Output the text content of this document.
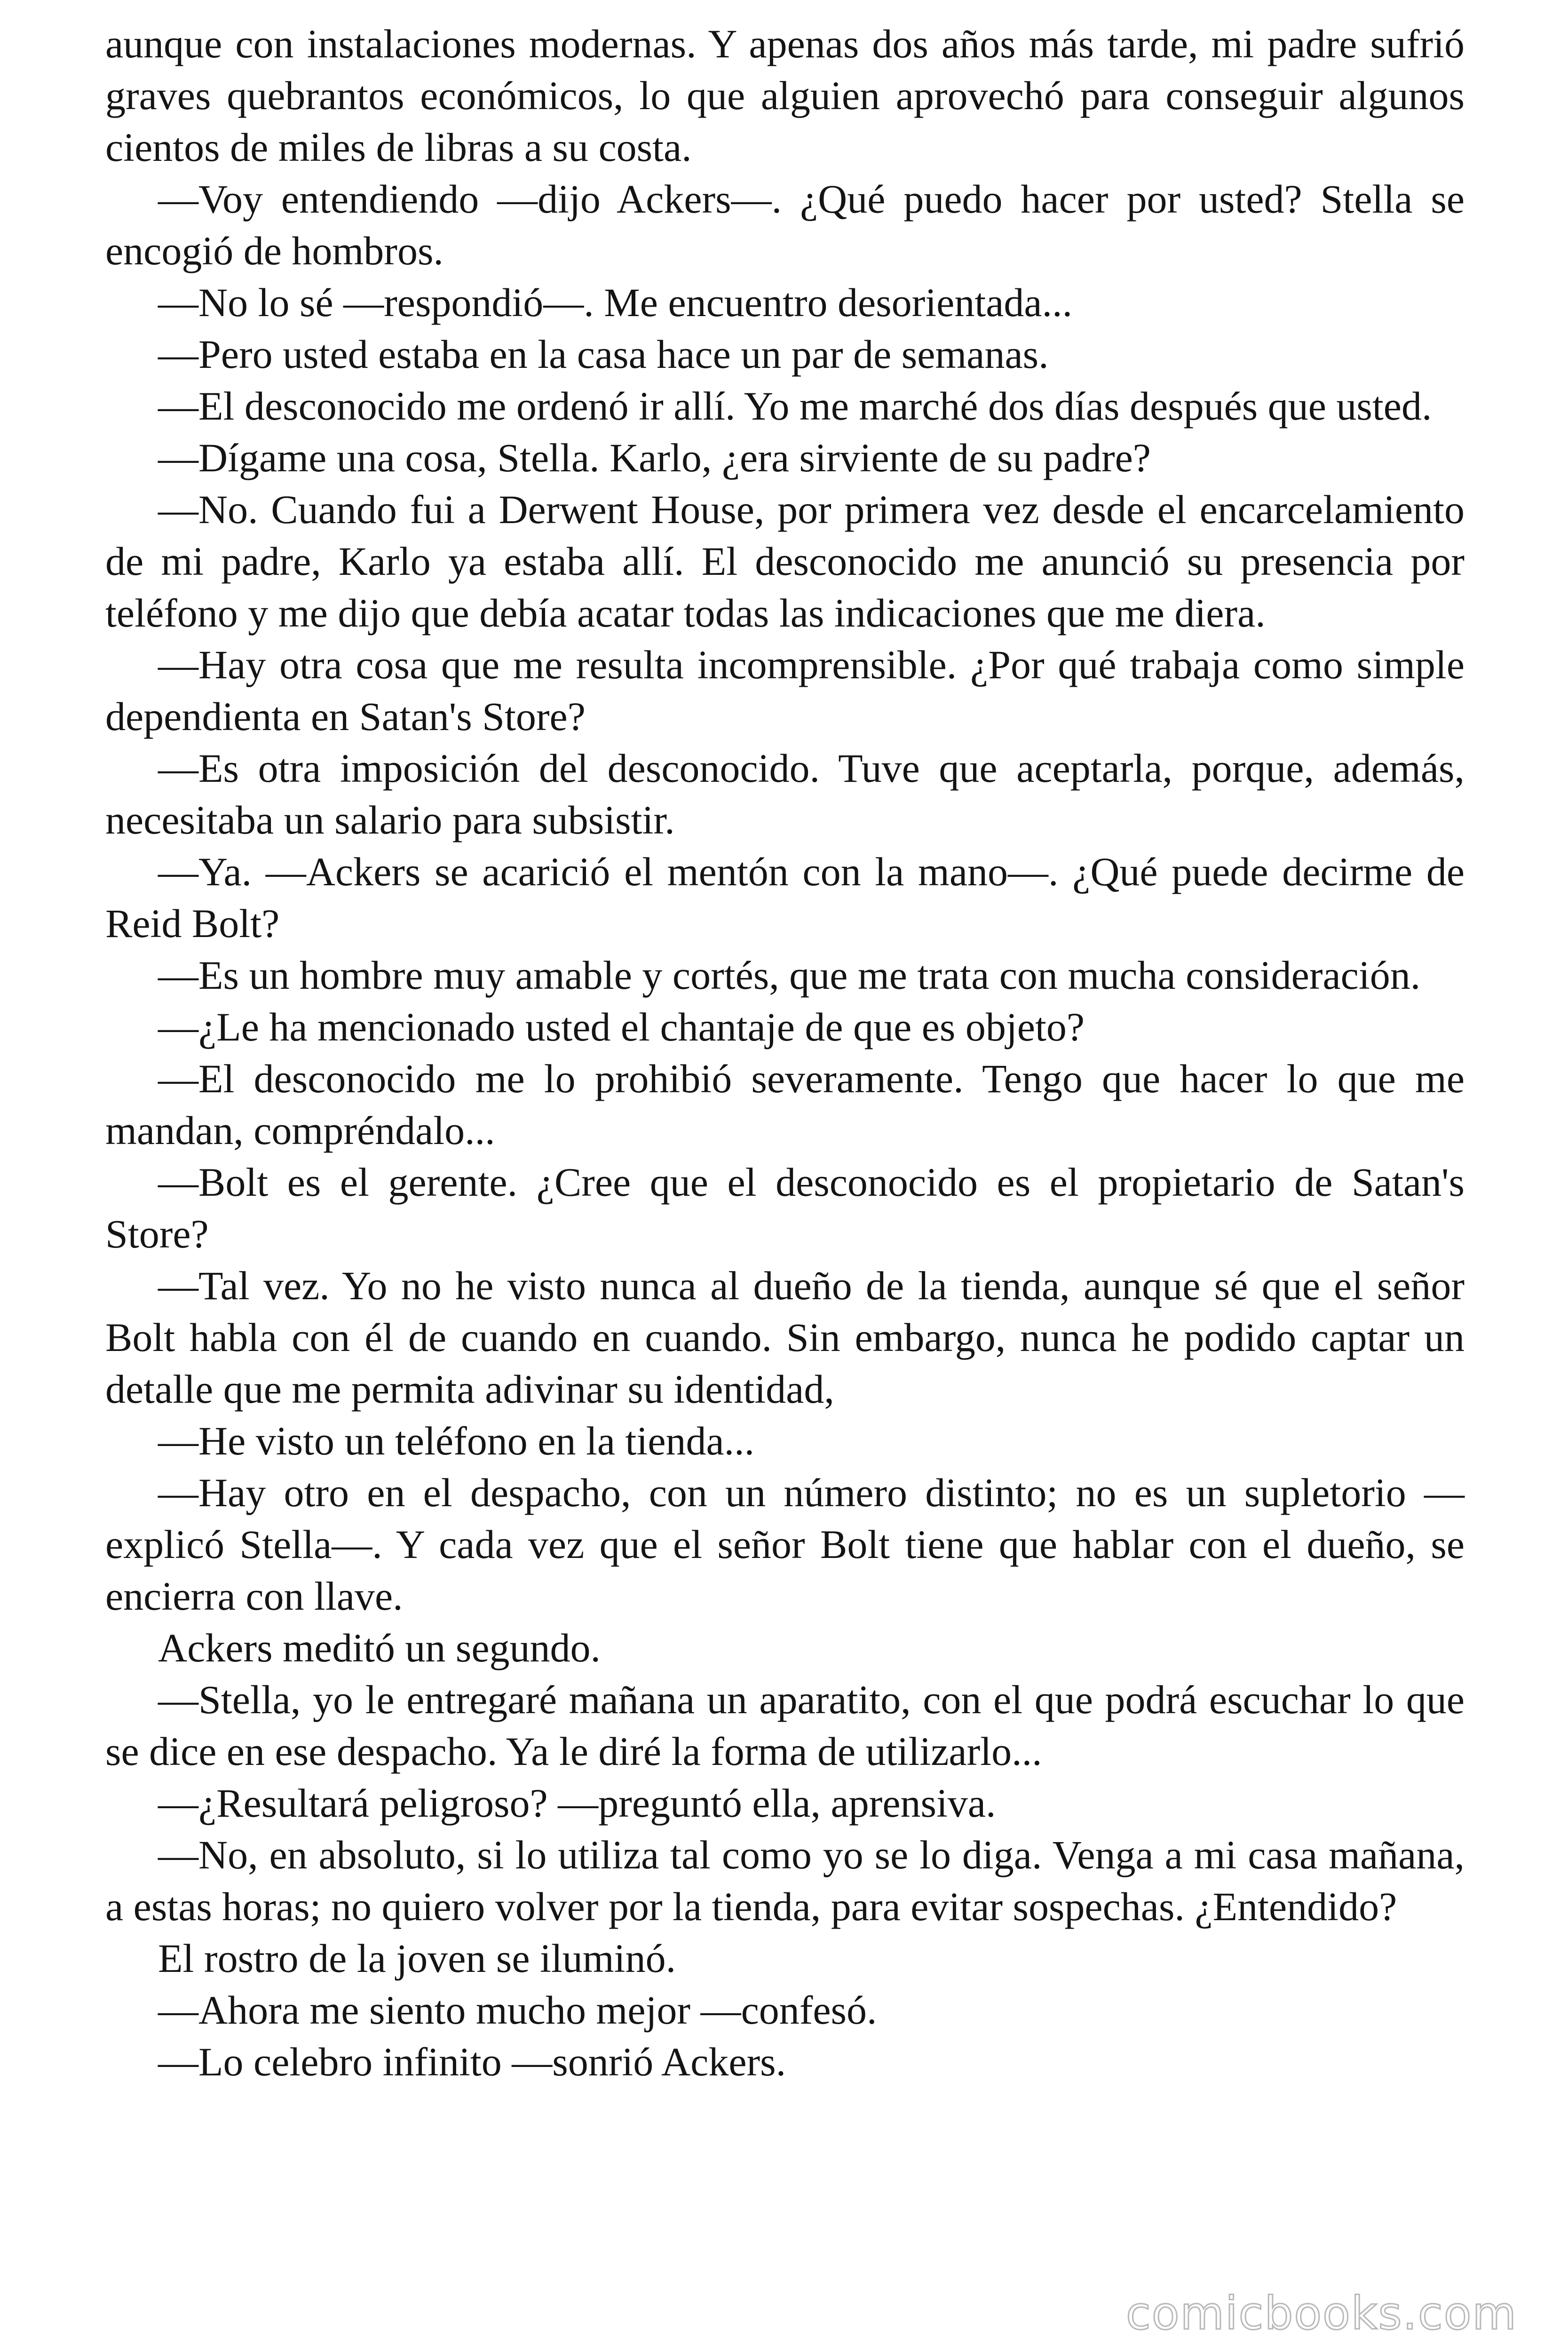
aunque con instalaciones modernas. Y apenas dos años más tarde, mi padre sufrió graves quebrantos económicos, lo que alguien aprovechó para conseguir algunos cientos de miles de libras a su costa.

—Voy entendiendo —dijo Ackers—. ¿Qué puedo hacer por usted? Stella se encogió de hombros.

—No lo sé —respondió—. Me encuentro desorientada...

—Pero usted estaba en la casa hace un par de semanas.

—El desconocido me ordenó ir allí. Yo me marché dos días después que usted.

—Dígame una cosa, Stella. Karlo, ¿era sirviente de su padre?

—No. Cuando fui a Derwent House, por primera vez desde el encarcelamiento de mi padre, Karlo ya estaba allí. El desconocido me anunció su presencia por teléfono y me dijo que debía acatar todas las indicaciones que me diera.

—Hay otra cosa que me resulta incomprensible. ¿Por qué trabaja como simple dependienta en Satan's Store?

—Es otra imposición del desconocido. Tuve que aceptarla, porque, además, necesitaba un salario para subsistir.

—Ya. —Ackers se acarició el mentón con la mano—. ¿Qué puede decirme de Reid Bolt?

—Es un hombre muy amable y cortés, que me trata con mucha consideración.

—¿Le ha mencionado usted el chantaje de que es objeto?

—El desconocido me lo prohibió severamente. Tengo que hacer lo que me mandan, compréndalo...

—Bolt es el gerente. ¿Cree que el desconocido es el propietario de Satan's Store?

—Tal vez. Yo no he visto nunca al dueño de la tienda, aunque sé que el señor Bolt habla con él de cuando en cuando. Sin embargo, nunca he podido captar un detalle que me permita adivinar su identidad,

—He visto un teléfono en la tienda...

—Hay otro en el despacho, con un número distinto; no es un supletorio —explicó Stella—. Y cada vez que el señor Bolt tiene que hablar con el dueño, se encierra con llave.

Ackers meditó un segundo.

—Stella, yo le entregaré mañana un aparatito, con el que podrá escuchar lo que se dice en ese despacho. Ya le diré la forma de utilizarlo...

—¿Resultará peligroso? —preguntó ella, aprensiva.

—No, en absoluto, si lo utiliza tal como yo se lo diga. Venga a mi casa mañana, a estas horas; no quiero volver por la tienda, para evitar sospechas. ¿Entendido?

El rostro de la joven se iluminó.

—Ahora me siento mucho mejor —confesó.

—Lo celebro infinito —sonrió Ackers.

comicbooks.com
